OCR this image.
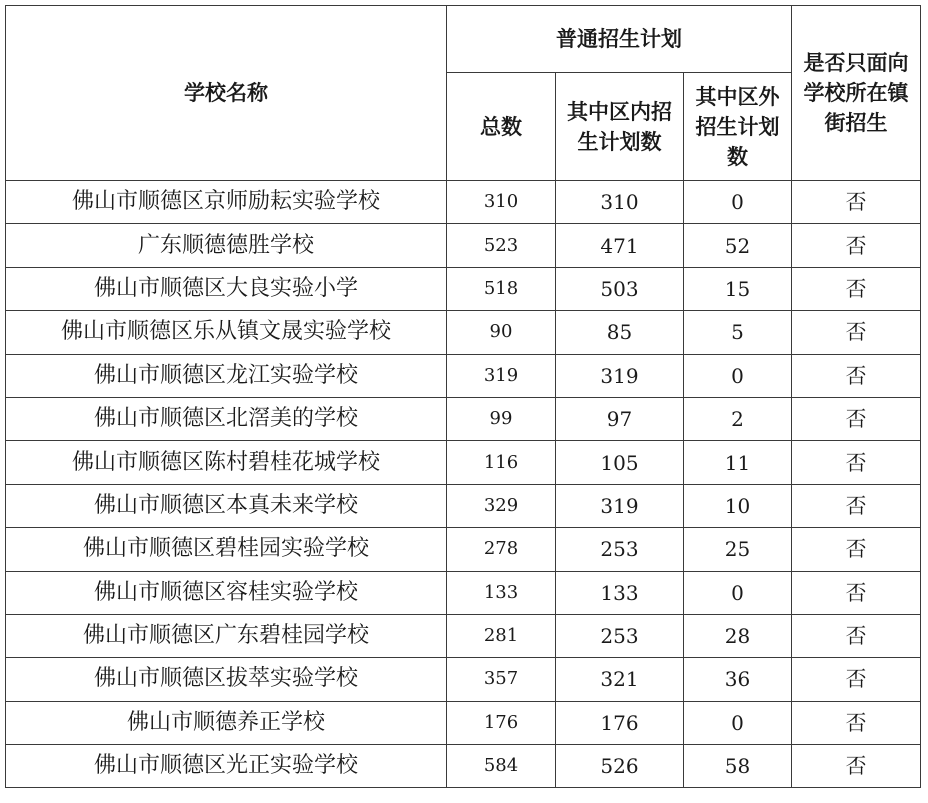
学校名称	普通招生计划			是否只面向学校所在镇街招生
	总数	其中区内招生计划数	其中区外招生计划数	
佛山市顺德区京师励耘实验学校	310	310	0	否
广东顺德德胜学校	523	471	52	否
佛山市顺德区大良实验小学	518	503	15	否
佛山市顺德区乐从镇文晟实验学校	90	85	5	否
佛山市顺德区龙江实验学校	319	319	0	否
佛山市顺德区北滘美的学校	99	97	2	否
佛山市顺德区陈村碧桂花城学校	116	105	11	否
佛山市顺德区本真未来学校	329	319	10	否
佛山市顺德区碧桂园实验学校	278	253	25	否
佛山市顺德区容桂实验学校	133	133	0	否
佛山市顺德区广东碧桂园学校	281	253	28	否
佛山市顺德区拔萃实验学校	357	321	36	否
佛山市顺德养正学校	176	176	0	否
佛山市顺德区光正实验学校	584	526	58	否
